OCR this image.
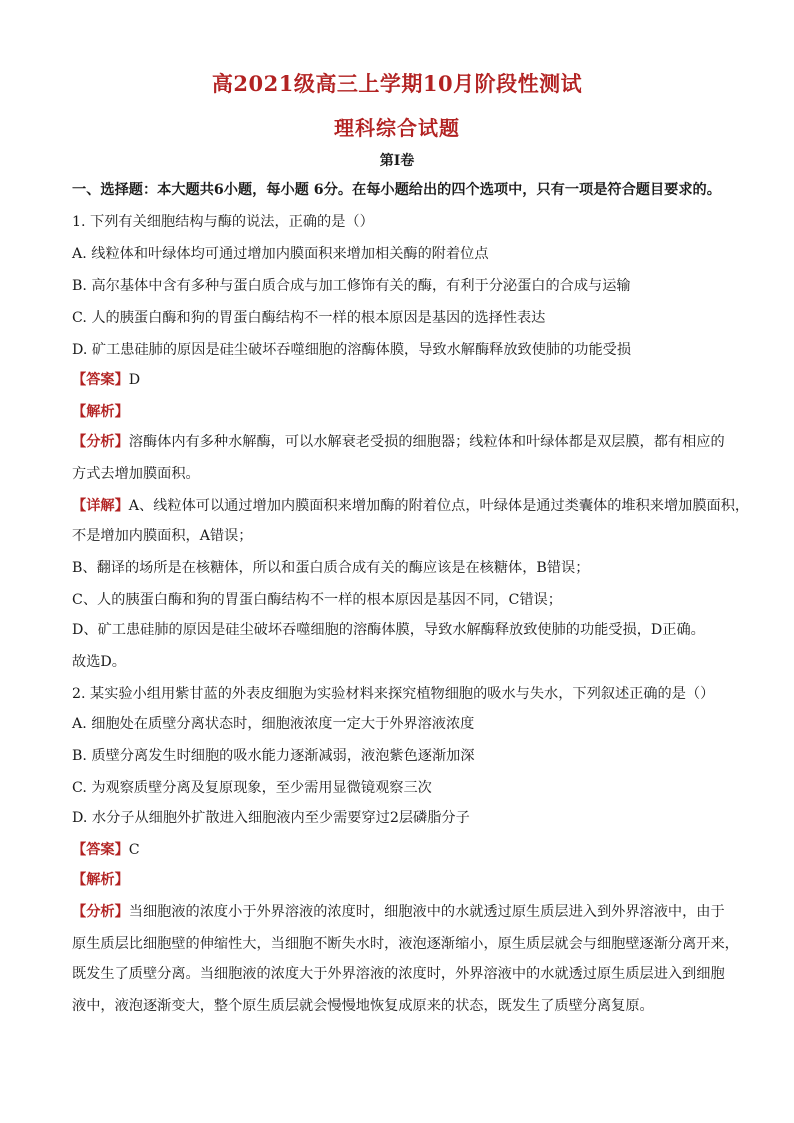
高2021级高三上学期10月阶段性测试
理科综合试题
第Ⅰ卷
一、选择题：本大题共6小题，每小题 6分。在每小题给出的四个选项中，只有一项是符合题目要求的。
1. 下列有关细胞结构与酶的说法，正确的是（）
A. 线粒体和叶绿体均可通过增加内膜面积来增加相关酶的附着位点
B. 高尔基体中含有多种与蛋白质合成与加工修饰有关的酶，有利于分泌蛋白的合成与运输
C. 人的胰蛋白酶和狗的胃蛋白酶结构不一样的根本原因是基因的选择性表达
D. 矿工患硅肺的原因是硅尘破坏吞噬细胞的溶酶体膜，导致水解酶释放致使肺的功能受损
【答案】D
【解析】
【分析】溶酶体内有多种水解酶，可以水解衰老受损的细胞器；线粒体和叶绿体都是双层膜，都有相应的
方式去增加膜面积。
【详解】A、线粒体可以通过增加内膜面积来增加酶的附着位点，叶绿体是通过类囊体的堆积来增加膜面积，
不是增加内膜面积，A错误；
B、翻译的场所是在核糖体，所以和蛋白质合成有关的酶应该是在核糖体，B错误；
C、人的胰蛋白酶和狗的胃蛋白酶结构不一样的根本原因是基因不同，C错误；
D、矿工患硅肺的原因是硅尘破坏吞噬细胞的溶酶体膜，导致水解酶释放致使肺的功能受损，D正确。
故选D。
2. 某实验小组用紫甘蓝的外表皮细胞为实验材料来探究植物细胞的吸水与失水，下列叙述正确的是（）
A. 细胞处在质壁分离状态时，细胞液浓度一定大于外界溶液浓度
B. 质壁分离发生时细胞的吸水能力逐渐减弱，液泡紫色逐渐加深
C. 为观察质壁分离及复原现象，至少需用显微镜观察三次
D. 水分子从细胞外扩散进入细胞液内至少需要穿过2层磷脂分子
【答案】C
【解析】
【分析】当细胞液的浓度小于外界溶液的浓度时，细胞液中的水就透过原生质层进入到外界溶液中，由于
原生质层比细胞壁的伸缩性大，当细胞不断失水时，液泡逐渐缩小，原生质层就会与细胞壁逐渐分离开来，
既发生了质壁分离。当细胞液的浓度大于外界溶液的浓度时，外界溶液中的水就透过原生质层进入到细胞
液中，液泡逐渐变大，整个原生质层就会慢慢地恢复成原来的状态，既发生了质壁分离复原。
